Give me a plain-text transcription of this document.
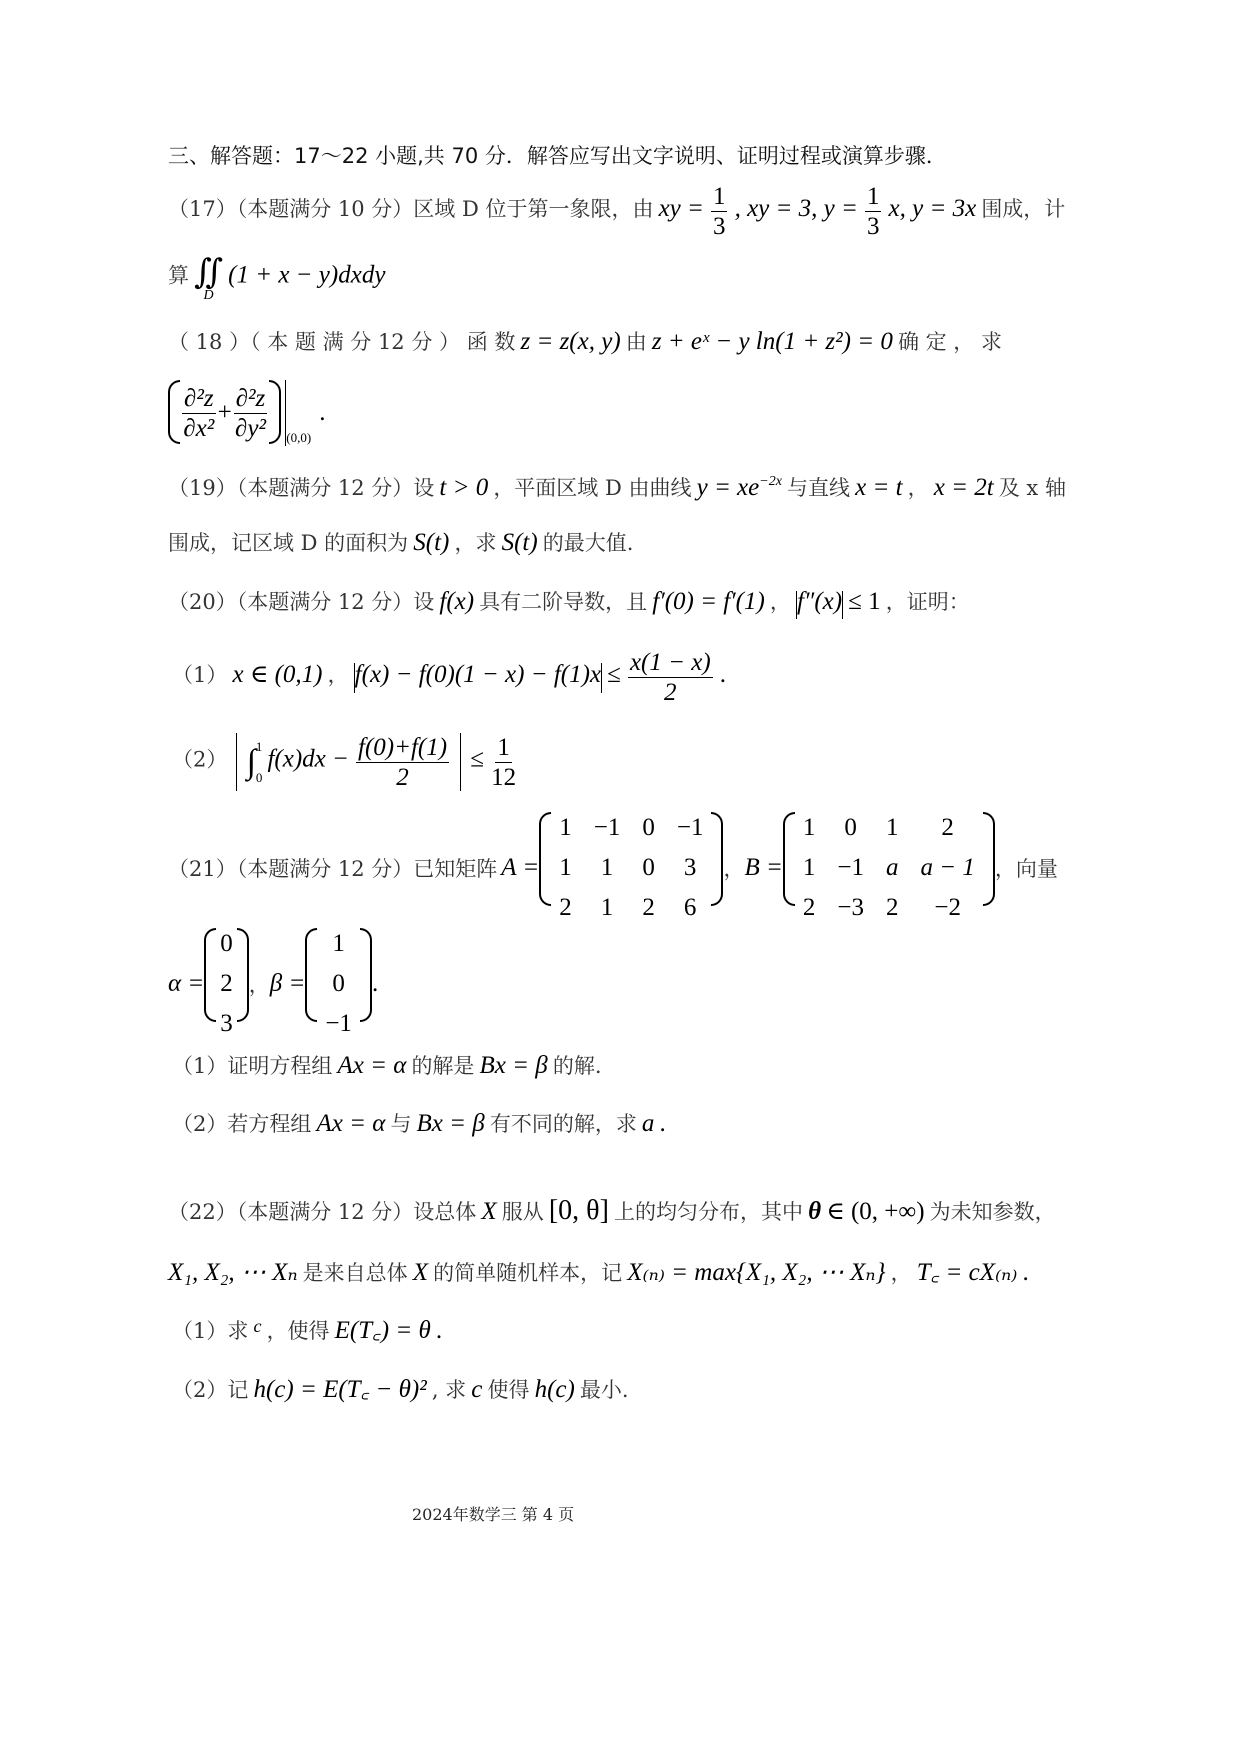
三、解答题：17～22 小题,共 70 分．解答应写出文字说明、证明过程或演算步骤．
（17）（本题满分 10 分）区域 D 位于第一象限，由 xy = $\frac{1}{3}$ , xy = 3, $y = \frac{1}{3} x$, y = 3x 围成，计
算 ∬
D
(1 + x − y)dxdy
（ 18 ）（ 本 题 满 分 12 分 ） 函 数 z = z(x, y) 由 z + eˣ − y ln(1 + z²) = 0 确 定 ， 求
$\frac{\text{∂²z}}{\text{∂x²}} + \frac{\text{∂²z}}{\text{∂y²}} (0,0)$
.
（19）（本题满分 12 分）设 t > 0 ，平面区域 D 由曲线 y = xe−2x 与直线 x = t ， x = 2t 及 x 轴
围成，记区域 D 的面积为 S(t) ，求 S(t) 的最大值.
（20）（本题满分 12 分）设 f(x) 具有二阶导数，且 f′(0) = f′(1) ， f″(x) ≤ 1 ，证明：
（1） x ∈ (0,1) ， $f(x) - f(0)(1 - x) - f(1)x \le \frac{x(1 - x)}{2}$ .
（2） ∫ 1
0
$f(x)dx - \frac{f(0)+f(1)}{2} \le \frac{1}{12}$
（21）（本题满分 12 分）已知矩阵 A =
1 −1 0 −1
1 1 0 3
2 1 2 6
， B =
1 0 1	2
1 −1 a a − 1
2 −3 2	−2
，向量
α =
0
2
3
， β =
1
0
−1
.
（1）证明方程组 Ax = α 的解是 Bx = β 的解.
（2）若方程组 Ax = α 与 Bx = β 有不同的解，求 a .
（22）（本题满分 12 分）设总体 X 服从 [0, θ] 上的均匀分布，其中 θ ∈ (0, +∞) 为未知参数，
X₁, X₂, ⋯ Xₙ 是来自总体 X 的简单随机样本，记 X₍ₙ₎ = max{X₁, X₂, ⋯ Xₙ} ， T꜀ = cX₍ₙ₎ .
（1）求 c ，使得 E(T꜀) = θ .
（2）记 h(c) = E(T꜀ − θ)² , 求 c 使得 h(c) 最小.
2024年数学三 第 4 页
